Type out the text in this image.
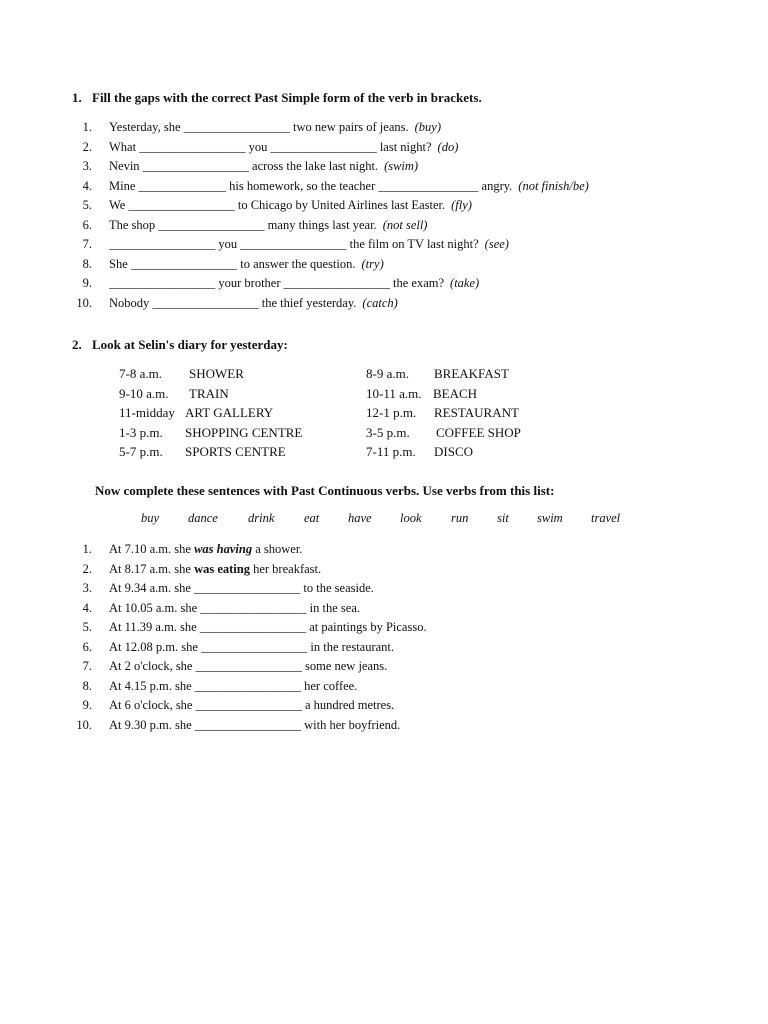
1. Fill the gaps with the correct Past Simple form of the verb in brackets.
1. Yesterday, she _________________ two new pairs of jeans. (buy)
2. What _________________ you _________________ last night? (do)
3. Nevin _________________ across the lake last night. (swim)
4. Mine ______________ his homework, so the teacher ________________ angry. (not finish/be)
5. We _________________ to Chicago by United Airlines last Easter. (fly)
6. The shop _________________ many things last year. (not sell)
7. _________________ you _________________ the film on TV last night? (see)
8. She _________________ to answer the question. (try)
9. _________________ your brother _________________ the exam? (take)
10. Nobody _________________ the thief yesterday. (catch)
2. Look at Selin's diary for yesterday:
7-8 a.m. SHOWER	8-9 a.m. BREAKFAST
9-10 a.m. TRAIN	10-11 a.m. BEACH
11-midday ART GALLERY	12-1 p.m. RESTAURANT
1-3 p.m. SHOPPING CENTRE	3-5 p.m. COFFEE SHOP
5-7 p.m. SPORTS CENTRE	7-11 p.m. DISCO
Now complete these sentences with Past Continuous verbs. Use verbs from this list:
buy dance drink eat have look run sit swim travel
1. At 7.10 a.m. she was having a shower.
2. At 8.17 a.m. she was eating her breakfast.
3. At 9.34 a.m. she _________________ to the seaside.
4. At 10.05 a.m. she _________________ in the sea.
5. At 11.39 a.m. she _________________ at paintings by Picasso.
6. At 12.08 p.m. she _________________ in the restaurant.
7. At 2 o'clock, she _________________ some new jeans.
8. At 4.15 p.m. she _________________ her coffee.
9. At 6 o'clock, she _________________ a hundred metres.
10. At 9.30 p.m. she _________________ with her boyfriend.
